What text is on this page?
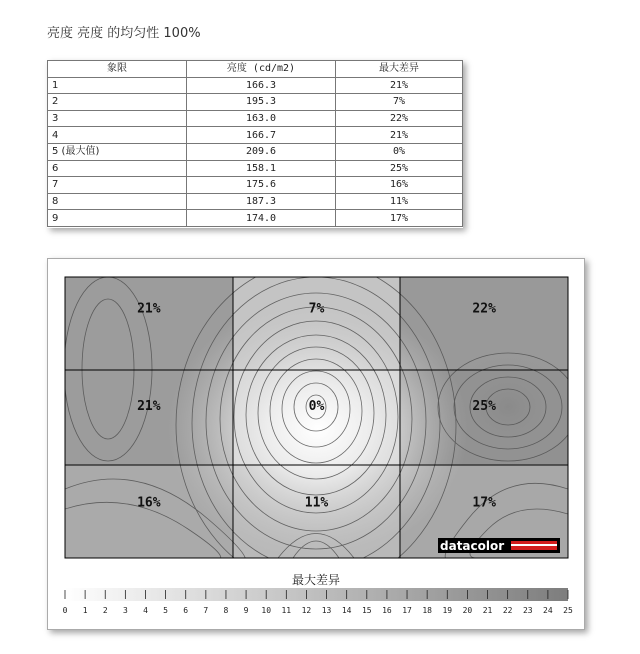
亮度 亮度 的均匀性 100%
象限	亮度 (cd/m2)	最大差异
1	166.3	21%
2	195.3	7%
3	163.0	22%
4	166.7	21%
5 (最大值)	209.6	0%
6	158.1	25%
7	175.6	16%
8	187.3	11%
9	174.0	17%
21%	7%	22%
21%	0%	25%
16%	11%	17%
datacolor
最大差异
0 1 2 3 4 5 6 7 8 9 10 11 12 13 14 15 16 17 18 19 20 21 22 23 24 25
